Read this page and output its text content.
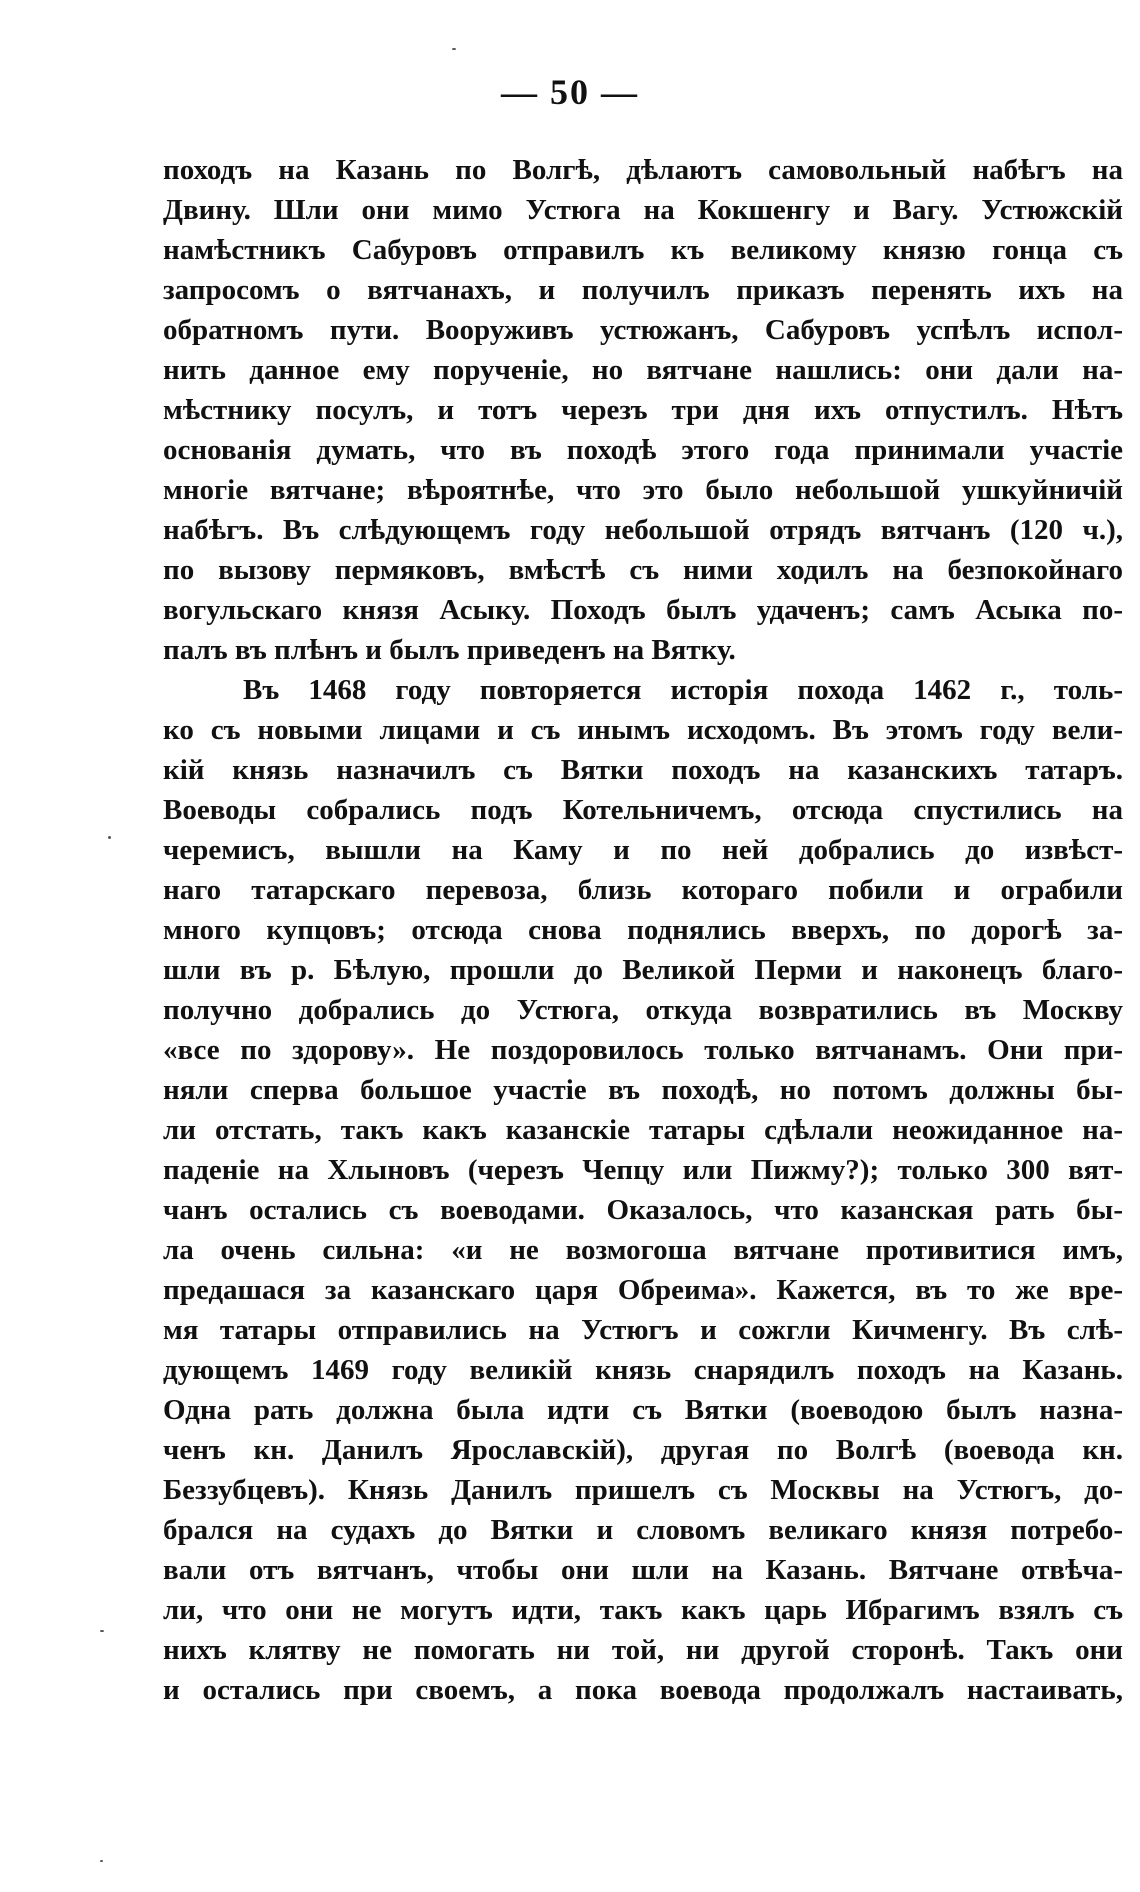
— 50 —
походъ на Казань по Волгѣ, дѣлаютъ самовольный набѣгъ на
Двину. Шли они мимо Устюга на Кокшенгу и Вагу. Устюжскій
намѣстникъ Сабуровъ отправилъ къ великому князю гонца съ
запросомъ о вятчанахъ, и получилъ приказъ перенять ихъ на
обратномъ пути. Вооруживъ устюжанъ, Сабуровъ успѣлъ испол-
нить данное ему порученіе, но вятчане нашлись: они дали на-
мѣстнику посулъ, и тотъ черезъ три дня ихъ отпустилъ. Нѣтъ
основанія думать, что въ походѣ этого года принимали участіе
многіе вятчане; вѣроятнѣе, что это было небольшой ушкуйничій
набѣгъ. Въ слѣдующемъ году небольшой отрядъ вятчанъ (120 ч.),
по вызову пермяковъ, вмѣстѣ съ ними ходилъ на безпокойнаго
вогульскаго князя Асыку. Походъ былъ удаченъ; самъ Асыка по-
палъ въ плѣнъ и былъ приведенъ на Вятку.
Въ 1468 году повторяется исторія похода 1462 г., толь-
ко съ новыми лицами и съ инымъ исходомъ. Въ этомъ году вели-
кій князь назначилъ съ Вятки походъ на казанскихъ татаръ.
Воеводы собрались подъ Котельничемъ, отсюда спустились на
черемисъ, вышли на Каму и по ней добрались до извѣст-
наго татарскаго перевоза, близь котораго побили и ограбили
много купцовъ; отсюда снова поднялись вверхъ, по дорогѣ за-
шли въ р. Бѣлую, прошли до Великой Перми и наконецъ благо-
получно добрались до Устюга, откуда возвратились въ Москву
«все по здорову». Не поздоровилось только вятчанамъ. Они при-
няли сперва большое участіе въ походѣ, но потомъ должны бы-
ли отстать, такъ какъ казанскіе татары сдѣлали неожиданное на-
паденіе на Хлыновъ (черезъ Чепцу или Пижму?); только 300 вят-
чанъ остались съ воеводами. Оказалось, что казанская рать бы-
ла очень сильна: «и не возмогоша вятчане противитися имъ,
предашася за казанскаго царя Обреима». Кажется, въ то же вре-
мя татары отправились на Устюгъ и сожгли Кичменгу. Въ слѣ-
дующемъ 1469 году великій князь снарядилъ походъ на Казань.
Одна рать должна была идти съ Вятки (воеводою былъ назна-
ченъ кн. Данилъ Ярославскій), другая по Волгѣ (воевода кн.
Беззубцевъ). Князь Данилъ пришелъ съ Москвы на Устюгъ, до-
брался на судахъ до Вятки и словомъ великаго князя потребо-
вали отъ вятчанъ, чтобы они шли на Казань. Вятчане отвѣча-
ли, что они не могутъ идти, такъ какъ царь Ибрагимъ взялъ съ
нихъ клятву не помогать ни той, ни другой сторонѣ. Такъ они
и остались при своемъ, а пока воевода продолжалъ настаивать,
